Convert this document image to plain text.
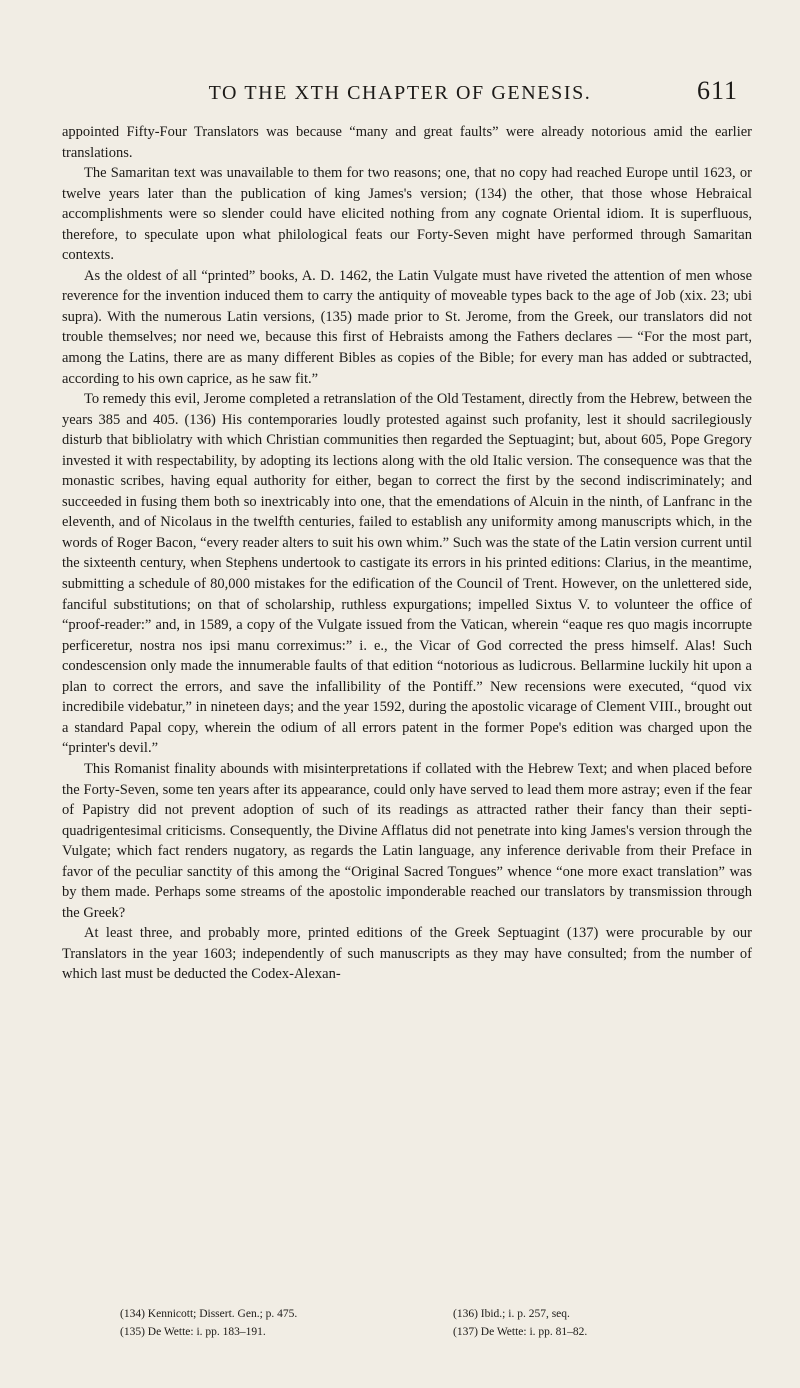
TO THE XTH CHAPTER OF GENESIS.	611

appointed Fifty-Four Translators was because “many and great faults” were already notorious amid the earlier translations.

The Samaritan text was unavailable to them for two reasons; one, that no copy had reached Europe until 1623, or twelve years later than the publication of king James's version; (134) the other, that those whose Hebraical accomplishments were so slender could have elicited nothing from any cognate Oriental idiom. It is superfluous, therefore, to speculate upon what philological feats our Forty-Seven might have performed through Samaritan contexts.

As the oldest of all “printed” books, A. D. 1462, the Latin Vulgate must have riveted the attention of men whose reverence for the invention induced them to carry the antiquity of moveable types back to the age of Job (xix. 23; ubi supra). With the numerous Latin versions, (135) made prior to St. Jerome, from the Greek, our translators did not trouble themselves; nor need we, because this first of Hebraists among the Fathers declares — “For the most part, among the Latins, there are as many different Bibles as copies of the Bible; for every man has added or subtracted, according to his own caprice, as he saw fit.”

To remedy this evil, Jerome completed a retranslation of the Old Testament, directly from the Hebrew, between the years 385 and 405. (136) His contemporaries loudly protested against such profanity, lest it should sacrilegiously disturb that bibliolatry with which Christian communities then regarded the Septuagint; but, about 605, Pope Gregory invested it with respectability, by adopting its lections along with the old Italic version. The consequence was that the monastic scribes, having equal authority for either, began to correct the first by the second indiscriminately; and succeeded in fusing them both so inextricably into one, that the emendations of Alcuin in the ninth, of Lanfranc in the eleventh, and of Nicolaus in the twelfth centuries, failed to establish any uniformity among manuscripts which, in the words of Roger Bacon, “every reader alters to suit his own whim.” Such was the state of the Latin version current until the sixteenth century, when Stephens undertook to castigate its errors in his printed editions: Clarius, in the meantime, submitting a schedule of 80,000 mistakes for the edification of the Council of Trent. However, on the unlettered side, fanciful substitutions; on that of scholarship, ruthless expurgations; impelled Sixtus V. to volunteer the office of “proof-reader:” and, in 1589, a copy of the Vulgate issued from the Vatican, wherein “eaque res quo magis incorrupte perficeretur, nostra nos ipsi manu correximus:” i. e., the Vicar of God corrected the press himself. Alas! Such condescension only made the innumerable faults of that edition “notorious as ludicrous. Bellarmine luckily hit upon a plan to correct the errors, and save the infallibility of the Pontiff.” New recensions were executed, “quod vix incredibile videbatur,” in nineteen days; and the year 1592, during the apostolic vicarage of Clement VIII., brought out a standard Papal copy, wherein the odium of all errors patent in the former Pope's edition was charged upon the “printer's devil.”

This Romanist finality abounds with misinterpretations if collated with the Hebrew Text; and when placed before the Forty-Seven, some ten years after its appearance, could only have served to lead them more astray; even if the fear of Papistry did not prevent adoption of such of its readings as attracted rather their fancy than their septi-quadrigentesimal criticisms. Consequently, the Divine Afflatus did not penetrate into king James's version through the Vulgate; which fact renders nugatory, as regards the Latin language, any inference derivable from their Preface in favor of the peculiar sanctity of this among the “Original Sacred Tongues” whence “one more exact translation” was by them made. Perhaps some streams of the apostolic imponderable reached our translators by transmission through the Greek?

At least three, and probably more, printed editions of the Greek Septuagint (137) were procurable by our Translators in the year 1603; independently of such manuscripts as they may have consulted; from the number of which last must be deducted the Codex-Alexan-

(134) Kennicott; Dissert. Gen.; p. 475.	(136) Ibid.; i. p. 257, seq.
(135) De Wette: i. pp. 183–191.	(137) De Wette: i. pp. 81–82.
